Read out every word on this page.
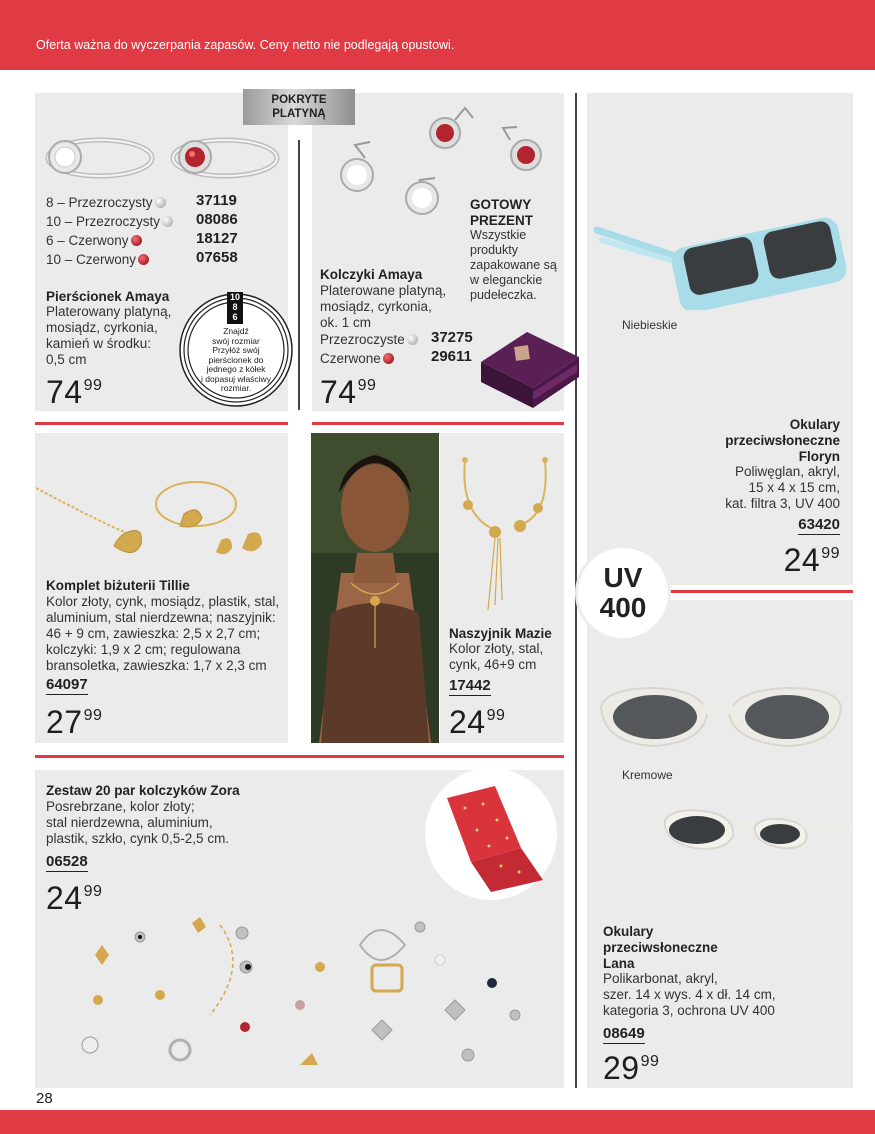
Oferta ważna do wyczerpania zapasów. Ceny netto nie podlegają opustowi.
POKRYTE
PLATYNĄ
8 – Przezroczysty	37119
10 – Przezroczysty	08086
6 – Czerwony	18127
10 – Czerwony	07658
Pierścionek Amaya
Platerowany platyną,
mosiądz, cyrkonia,
kamień w środku:
0,5 cm
$74^{99}$
10
8
6
Znajdź
swój rozmiar
Przyłóż swój
pierścionek do
jednego z kółek
i dopasuj właściwy
rozmiar.
GOTOWY
PREZENT
Wszystkie
produkty
zapakowane są
w eleganckie
pudełeczka.
Kolczyki Amaya
Platerowane platyną,
mosiądz, cyrkonia,
ok. 1 cm
Przezroczyste	37275
Czerwone	29611
$74^{99}$
Niebieskie
Okulary
przeciwsłoneczne
Floryn
Poliwęglan, akryl,
15 x 4 x 15 cm,
kat. filtra 3, UV 400
63420
$24^{99}$
UV
400
Komplet biżuterii Tillie
Kolor złoty, cynk, mosiądz, plastik, stal,
aluminium, stal nierdzewna; naszyjnik:
46 + 9 cm, zawieszka: 2,5 x 2,7 cm;
kolczyki: 1,9 x 2 cm; regulowana
bransoletka, zawieszka: 1,7 x 2,3 cm
64097
$27^{99}$
Naszyjnik Mazie
Kolor złoty, stal,
cynk, 46+9 cm
17442
$24^{99}$
Zestaw 20 par kolczyków Zora
Posrebrzane, kolor złoty;
stal nierdzewna, aluminium,
plastik, szkło, cynk 0,5-2,5 cm.
06528
$24^{99}$
Kremowe
Okulary
przeciwsłoneczne
Lana
Polikarbonat, akryl,
szer. 14 x wys. 4 x dł. 14 cm,
kategoria 3, ochrona UV 400
08649
$29^{99}$
28
